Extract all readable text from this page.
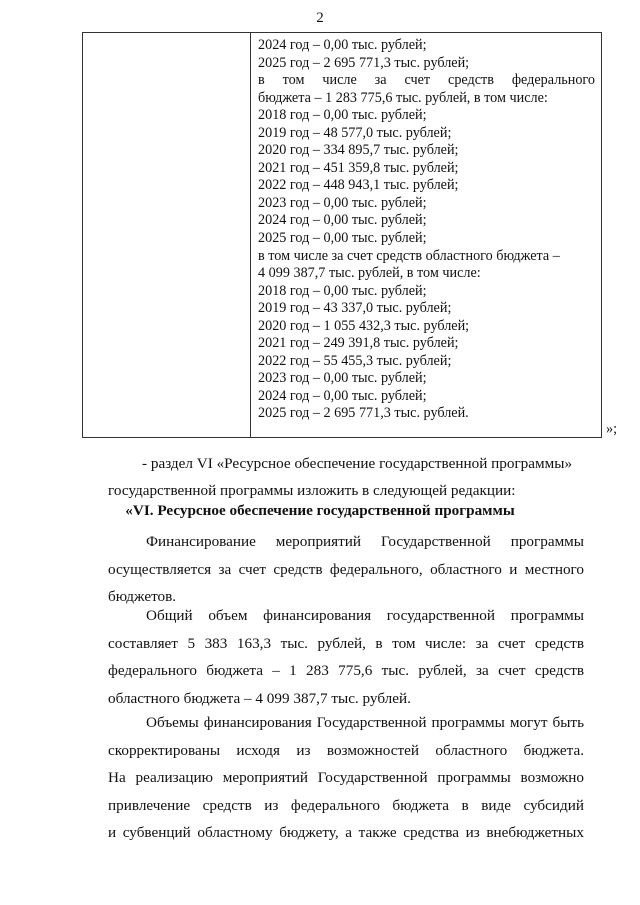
2
2024 год – 0,00 тыс. рублей;
2025 год – 2 695 771,3 тыс. рублей;
в том числе за счет средств федерального
бюджета – 1 283 775,6 тыс. рублей, в том числе:
2018 год – 0,00 тыс. рублей;
2019 год – 48 577,0 тыс. рублей;
2020 год – 334 895,7 тыс. рублей;
2021 год – 451 359,8 тыс. рублей;
2022 год – 448 943,1 тыс. рублей;
2023 год – 0,00 тыс. рублей;
2024 год – 0,00 тыс. рублей;
2025 год – 0,00 тыс. рублей;
в том числе за счет средств областного бюджета –
4 099 387,7 тыс. рублей, в том числе:
2018 год – 0,00 тыс. рублей;
2019 год – 43 337,0 тыс. рублей;
2020 год – 1 055 432,3 тыс. рублей;
2021 год – 249 391,8 тыс. рублей;
2022 год – 55 455,3 тыс. рублей;
2023 год – 0,00 тыс. рублей;
2024 год – 0,00 тыс. рублей;
2025 год – 2 695 771,3 тыс. рублей.
»;
- раздел VI «Ресурсное обеспечение государственной программы»
государственной программы изложить в следующей редакции:
«VI. Ресурсное обеспечение государственной программы
Финансирование мероприятий Государственной программы
осуществляется за счет средств федерального, областного и местного
бюджетов.
Общий объем финансирования государственной программы
составляет 5 383 163,3 тыс. рублей, в том числе: за счет средств
федерального бюджета – 1 283 775,6 тыс. рублей, за счет средств
областного бюджета – 4 099 387,7 тыс. рублей.
Объемы финансирования Государственной программы могут быть
скорректированы исходя из возможностей областного бюджета.
На реализацию мероприятий Государственной программы возможно
привлечение средств из федерального бюджета в виде субсидий
и субвенций областному бюджету, а также средства из внебюджетных
